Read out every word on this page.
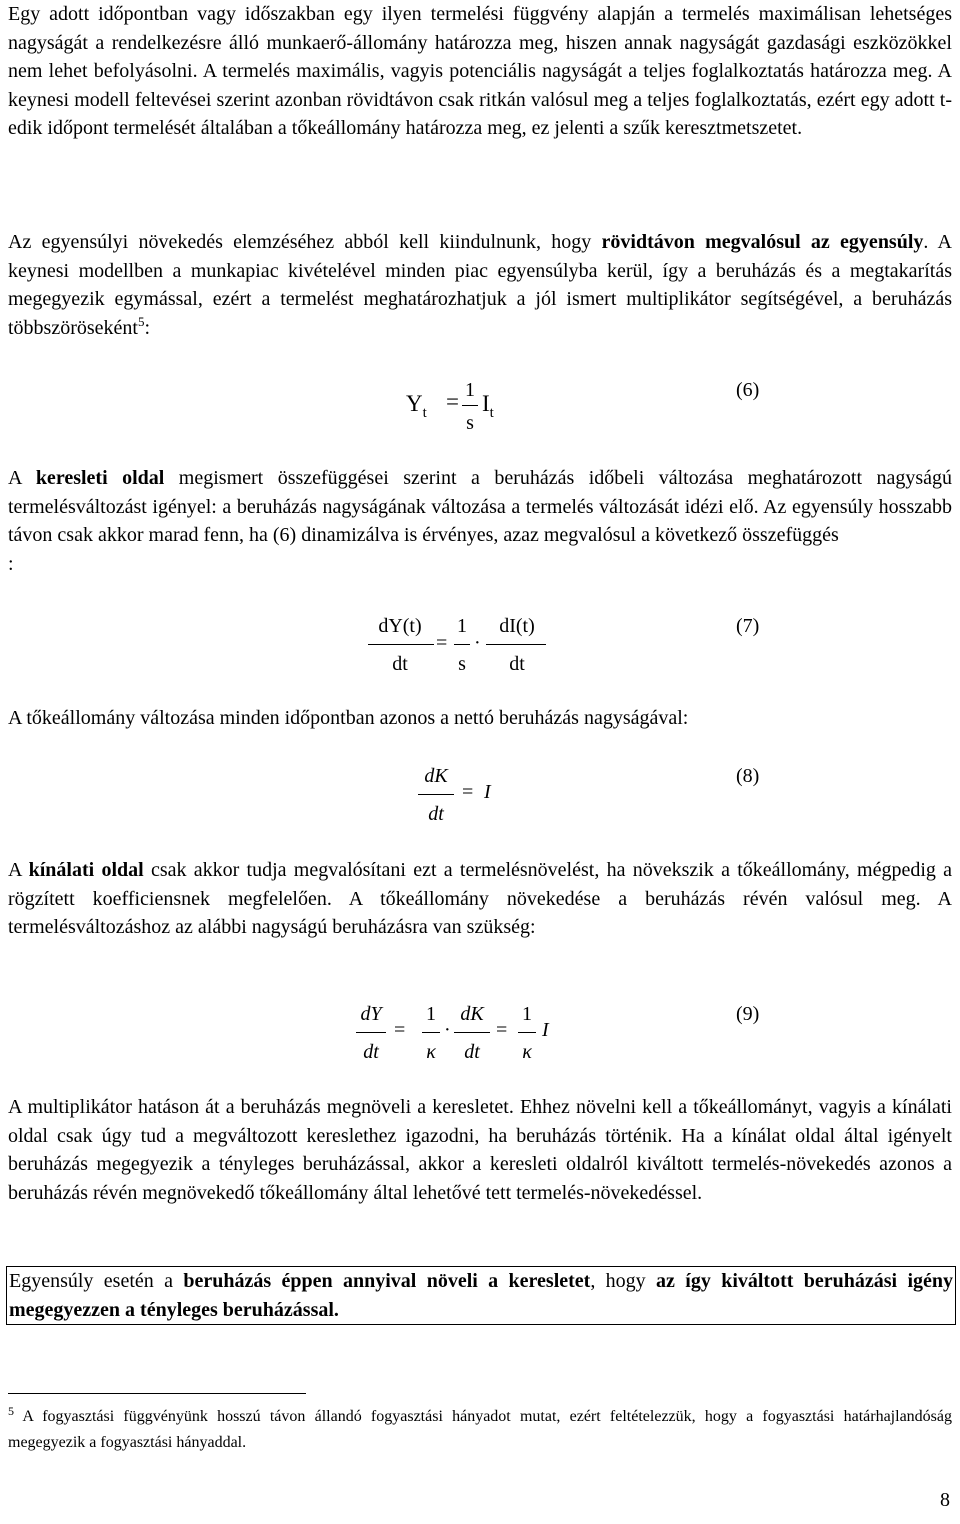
Egy adott időpontban vagy időszakban egy ilyen termelési függvény alapján a termelés maximálisan lehetséges nagyságát a rendelkezésre álló munkaerő-állomány határozza meg, hiszen annak nagyságát gazdasági eszközökkel nem lehet befolyásolni. A termelés maximális, vagyis potenciális nagyságát a teljes foglalkoztatás határozza meg. A keynesi modell feltevései szerint azonban rövidtávon csak ritkán valósul meg a teljes foglalkoztatás, ezért egy adott t-edik időpont termelését általában a tőkeállomány határozza meg, ez jelenti a szűk keresztmetszetet.

Az egyensúlyi növekedés elemzéséhez abból kell kiindulnunk, hogy rövidtávon megvalósul az egyensúly. A keynesi modellben a munkapiac kivételével minden piac egyensúlyba kerül, így a beruházás és a megtakarítás megegyezik egymással, ezért a termelést meghatározhatjuk a jól ismert multiplikátor segítségével, a beruházás többszöröseként$^5$:

$Y_t = 1$
s
$I_t$
(6)

A keresleti oldal megismert összefüggései szerint a beruházás időbeli változása meghatározott nagyságú termelésváltozást igényel: a beruházás nagyságának változása a termelés változását idézi elő. Az egyensúly hosszabb távon csak akkor marad fenn, ha (6) dinamizálva is érvényes, azaz megvalósul a következő összefüggés
:

dY(t)
dt
=
1
s
·
dI(t)
dt
(7)

A tőkeállomány változása minden időpontban azonos a nettó beruházás nagyságával:

dK
dt
= I
(8)

A kínálati oldal csak akkor tudja megvalósítani ezt a termelésnövelést, ha növekszik a tőkeállomány, mégpedig a rögzített koefficiensnek megfelelően. A tőkeállomány növekedése a beruházás révén valósul meg. A termelésváltozáshoz az alábbi nagyságú beruházásra van szükség:

dY
dt
=
1
κ
·
dK
dt
=
1
κ
I
(9)

A multiplikátor hatáson át a beruházás megnöveli a keresletet. Ehhez növelni kell a tőkeállományt, vagyis a kínálati oldal csak úgy tud a megváltozott kereslethez igazodni, ha beruházás történik. Ha a kínálat oldal által igényelt beruházás megegyezik a tényleges beruházással, akkor a keresleti oldalról kiváltott termelés-növekedés azonos a beruházás révén megnövekedő tőkeállomány által lehetővé tett termelés-növekedéssel.

Egyensúly esetén a beruházás éppen annyival növeli a keresletet, hogy az így kiváltott beruházási igény megegyezzen a tényleges beruházással.

$^5$ A fogyasztási függvényünk hosszú távon állandó fogyasztási hányadot mutat, ezért feltételezzük, hogy a fogyasztási határhajlandóság megegyezik a fogyasztási hányaddal.

8
